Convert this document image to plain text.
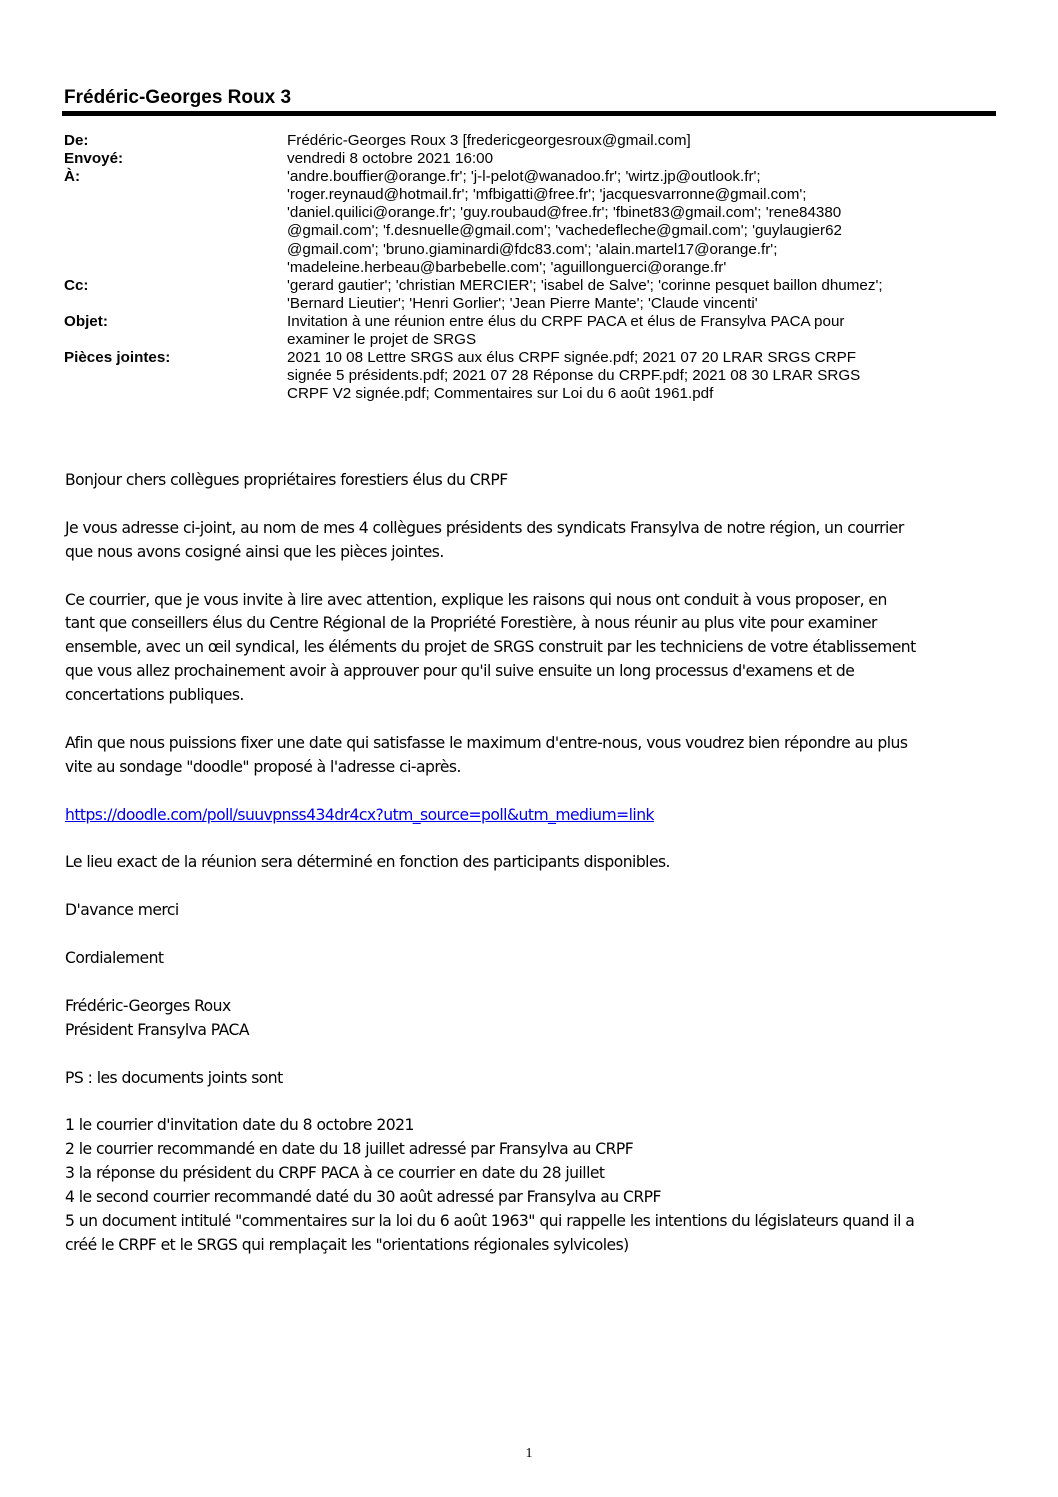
Frédéric-Georges Roux 3
De:	Frédéric-Georges Roux 3 [fredericgeorgesroux@gmail.com]
Envoyé:	vendredi 8 octobre 2021 16:00
À:	'andre.bouffier@orange.fr'; 'j-l-pelot@wanadoo.fr'; 'wirtz.jp@outlook.fr';
'roger.reynaud@hotmail.fr'; 'mfbigatti@free.fr'; 'jacquesvarronne@gmail.com';
'daniel.quilici@orange.fr'; 'guy.roubaud@free.fr'; 'fbinet83@gmail.com'; 'rene84380
@gmail.com'; 'f.desnuelle@gmail.com'; 'vachedefleche@gmail.com'; 'guylaugier62
@gmail.com'; 'bruno.giaminardi@fdc83.com'; 'alain.martel17@orange.fr';
'madeleine.herbeau@barbebelle.com'; 'aguillonguerci@orange.fr'
Cc:	'gerard gautier'; 'christian MERCIER'; 'isabel de Salve'; 'corinne pesquet baillon dhumez';
'Bernard Lieutier'; 'Henri Gorlier'; 'Jean Pierre Mante'; 'Claude vincenti'
Objet:	Invitation à une réunion entre élus du CRPF PACA et élus de Fransylva PACA pour
examiner le projet de SRGS
Pièces jointes:	2021 10 08 Lettre SRGS aux élus CRPF signée.pdf; 2021 07 20 LRAR SRGS CRPF
signée 5 présidents.pdf; 2021 07 28 Réponse du CRPF.pdf; 2021 08 30 LRAR SRGS
CRPF V2 signée.pdf; Commentaires sur Loi du 6 août 1961.pdf

Bonjour chers collègues propriétaires forestiers élus du CRPF

Je vous adresse ci-joint, au nom de mes 4 collègues présidents des syndicats Fransylva de notre région, un courrier
que nous avons cosigné ainsi que les pièces jointes.

Ce courrier, que je vous invite à lire avec attention, explique les raisons qui nous ont conduit à vous proposer, en
tant que conseillers élus du Centre Régional de la Propriété Forestière, à nous réunir au plus vite pour examiner
ensemble, avec un œil syndical, les éléments du projet de SRGS construit par les techniciens de votre établissement
que vous allez prochainement avoir à approuver pour qu'il suive ensuite un long processus d'examens et de
concertations publiques.

Afin que nous puissions fixer une date qui satisfasse le maximum d'entre-nous, vous voudrez bien répondre au plus
vite au sondage "doodle" proposé à l'adresse ci-après.

https://doodle.com/poll/suuvpnss434dr4cx?utm_source=poll&utm_medium=link

Le lieu exact de la réunion sera déterminé en fonction des participants disponibles.

D'avance merci

Cordialement

Frédéric-Georges Roux
Président Fransylva PACA

PS : les documents joints sont

1 le courrier d'invitation date du 8 octobre 2021
2 le courrier recommandé en date du 18 juillet adressé par Fransylva au CRPF
3 la réponse du président du CRPF PACA à ce courrier en date du 28 juillet
4 le second courrier recommandé daté du 30 août adressé par Fransylva au CRPF
5 un document intitulé "commentaires sur la loi du 6 août 1963" qui rappelle les intentions du législateurs quand il a
créé le CRPF et le SRGS qui remplaçait les "orientations régionales sylvicoles)

1
